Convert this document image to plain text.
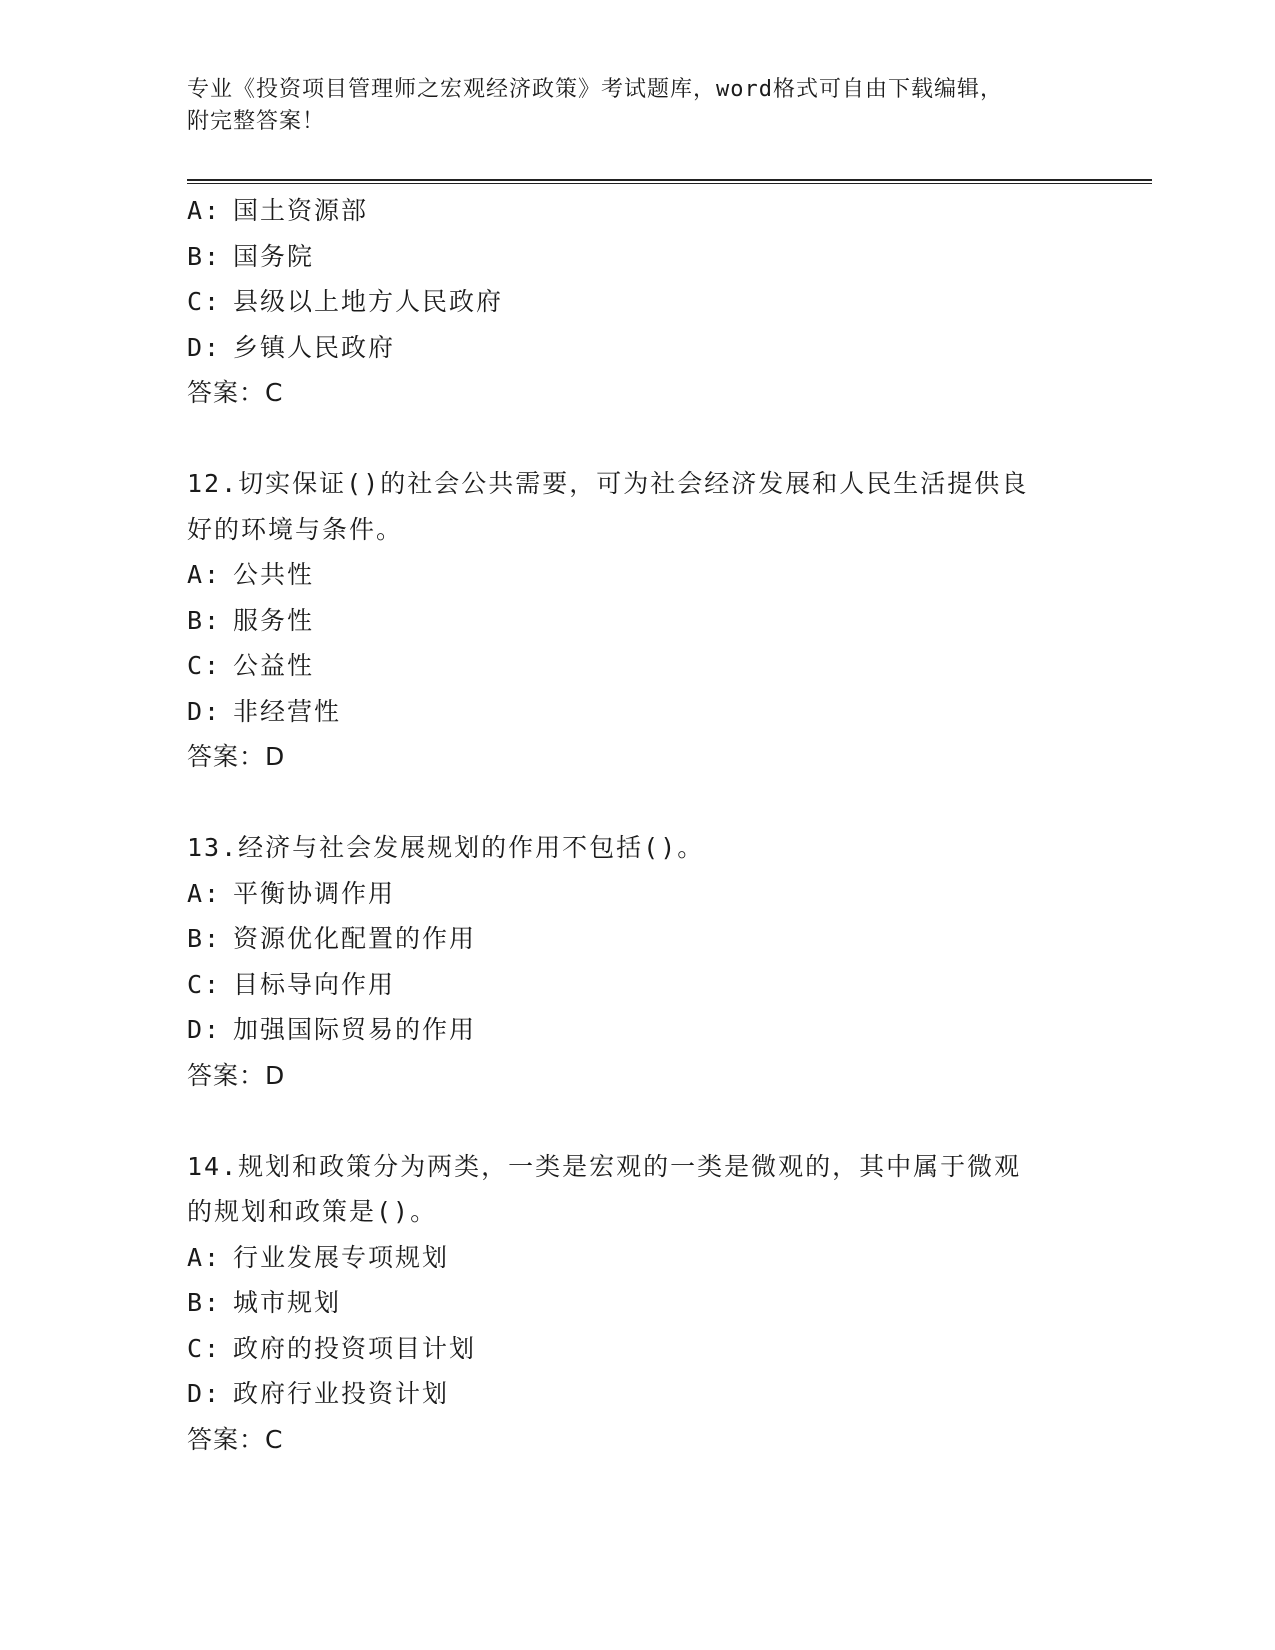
专业《投资项目管理师之宏观经济政策》考试题库，word格式可自由下载编辑，
附完整答案！
A: 国土资源部
B: 国务院
C: 县级以上地方人民政府
D: 乡镇人民政府
答案：C
12.切实保证()的社会公共需要，可为社会经济发展和人民生活提供良
好的环境与条件。
A: 公共性
B: 服务性
C: 公益性
D: 非经营性
答案：D
13.经济与社会发展规划的作用不包括()。
A: 平衡协调作用
B: 资源优化配置的作用
C: 目标导向作用
D: 加强国际贸易的作用
答案：D
14.规划和政策分为两类，一类是宏观的一类是微观的，其中属于微观
的规划和政策是()。
A: 行业发展专项规划
B: 城市规划
C: 政府的投资项目计划
D: 政府行业投资计划
答案：C
